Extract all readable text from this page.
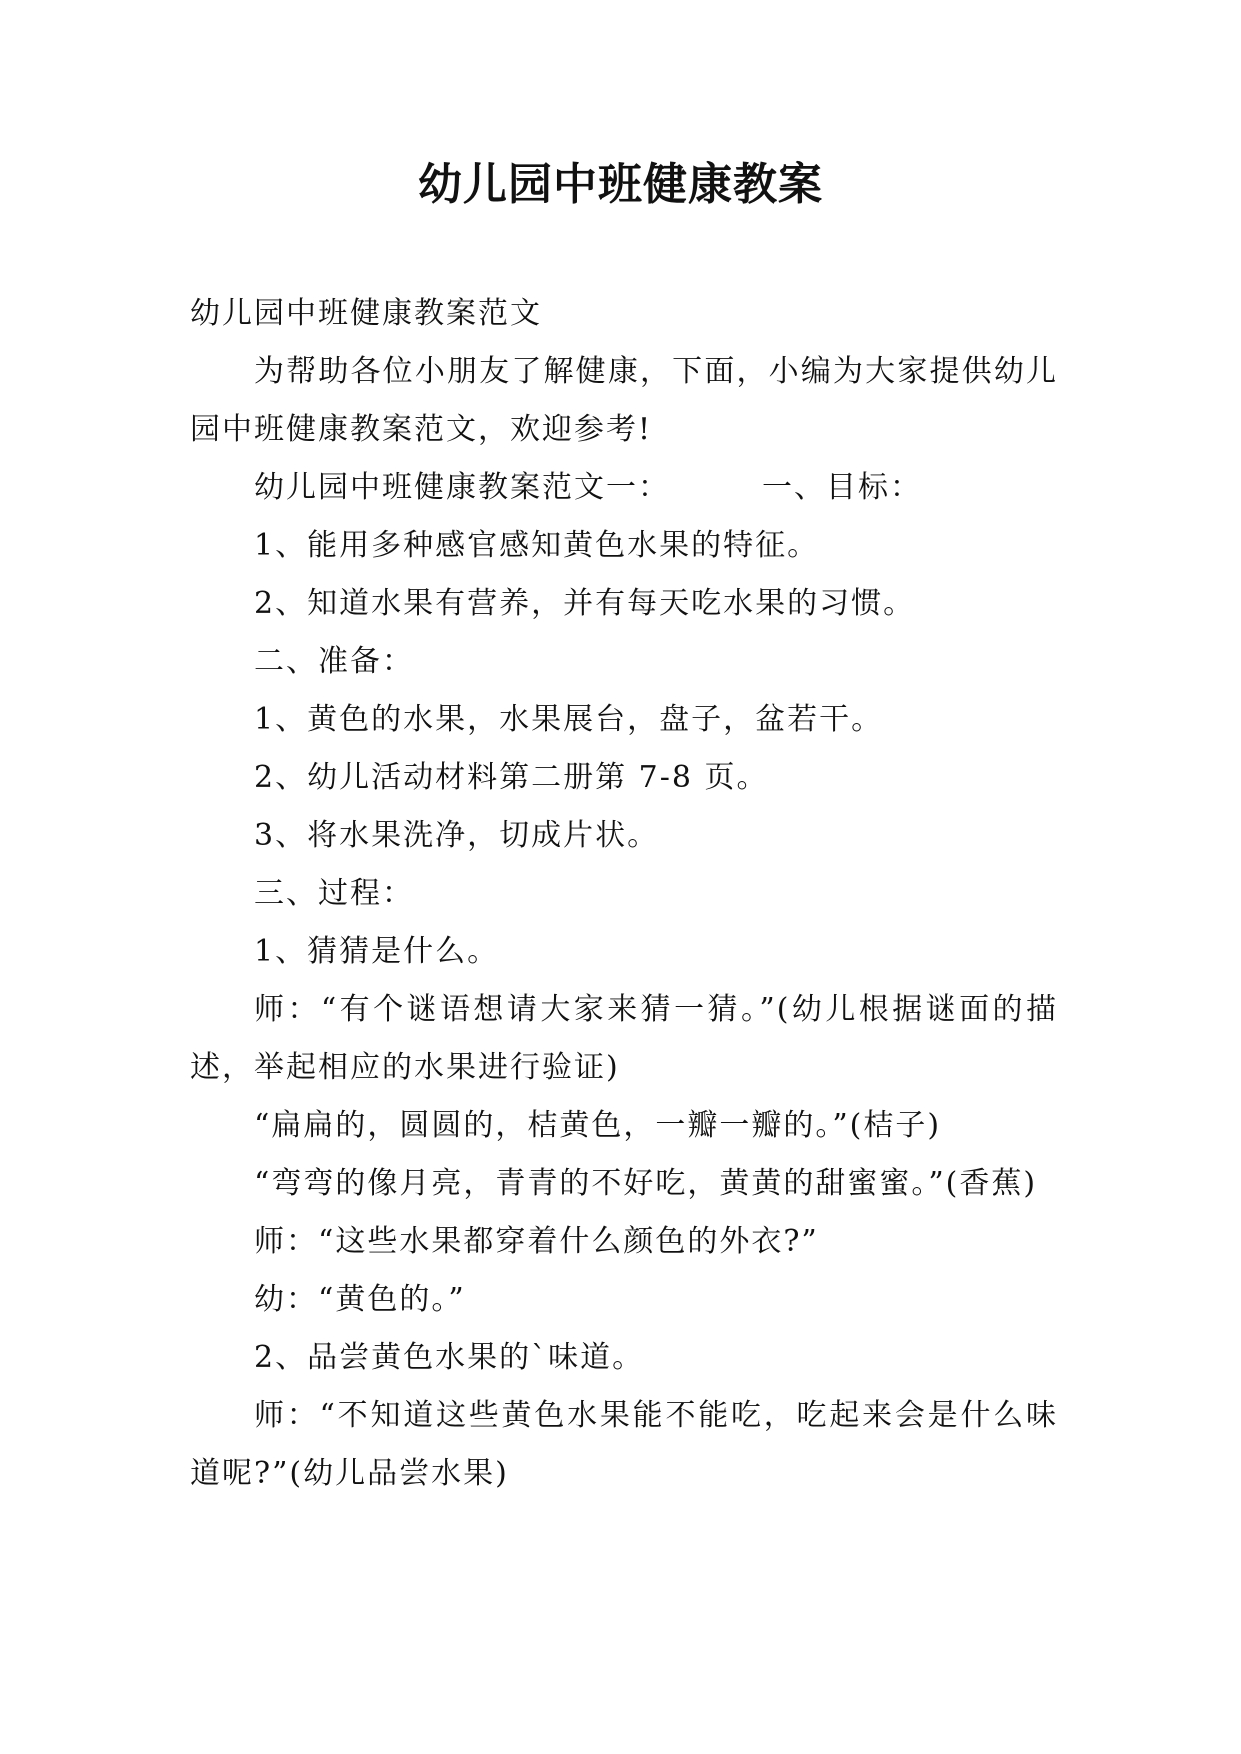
幼儿园中班健康教案

幼儿园中班健康教案范文

为帮助各位小朋友了解健康，下面，小编为大家提供幼儿园中班健康教案范文，欢迎参考!

幼儿园中班健康教案范文一：	一、目标：

1、能用多种感官感知黄色水果的特征。

2、知道水果有营养，并有每天吃水果的习惯。

二、准备：

1、黄色的水果，水果展台，盘子，盆若干。

2、幼儿活动材料第二册第 7-8 页。

3、将水果洗净，切成片状。

三、过程：

1、猜猜是什么。

师：“有个谜语想请大家来猜一猜。”(幼儿根据谜面的描述，举起相应的水果进行验证)

“扁扁的，圆圆的，桔黄色，一瓣一瓣的。”(桔子)

“弯弯的像月亮，青青的不好吃，黄黄的甜蜜蜜。”(香蕉)

师：“这些水果都穿着什么颜色的外衣?”

幼：“黄色的。”

2、品尝黄色水果的`味道。

师：“不知道这些黄色水果能不能吃，吃起来会是什么味道呢?”(幼儿品尝水果)
